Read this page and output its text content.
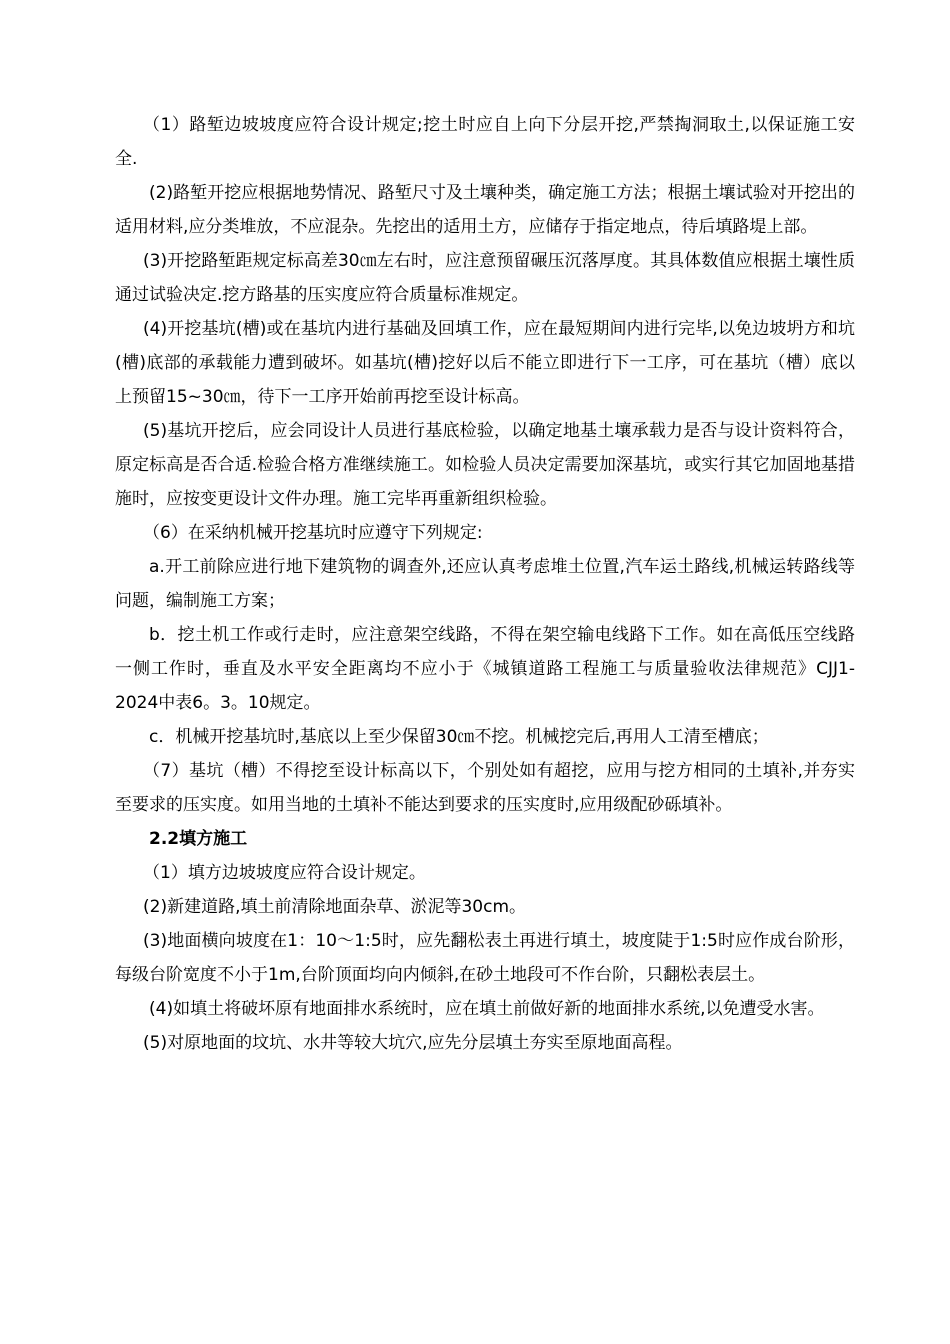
（1）路堑边坡坡度应符合设计规定;挖土时应自上向下分层开挖,严禁掏洞取土,以保证施工安全.

(2)路堑开挖应根据地势情况、路堑尺寸及土壤种类，确定施工方法；根据土壤试验对开挖出的适用材料,应分类堆放，不应混杂。先挖出的适用土方，应储存于指定地点，待后填路堤上部。

(3)开挖路堑距规定标高差30㎝左右时，应注意预留碾压沉落厚度。其具体数值应根据土壤性质通过试验决定.挖方路基的压实度应符合质量标准规定。

(4)开挖基坑(槽)或在基坑内进行基础及回填工作，应在最短期间内进行完毕,以免边坡坍方和坑(槽)底部的承载能力遭到破坏。如基坑(槽)挖好以后不能立即进行下一工序，可在基坑（槽）底以上预留15~30㎝，待下一工序开始前再挖至设计标高。

(5)基坑开挖后，应会同设计人员进行基底检验，以确定地基土壤承载力是否与设计资料符合，原定标高是否合适.检验合格方准继续施工。如检验人员决定需要加深基坑，或实行其它加固地基措施时，应按变更设计文件办理。施工完毕再重新组织检验。

（6）在采纳机械开挖基坑时应遵守下列规定:

a.开工前除应进行地下建筑物的调查外,还应认真考虑堆土位置,汽车运土路线,机械运转路线等问题，编制施工方案；

b．挖土机工作或行走时，应注意架空线路，不得在架空输电线路下工作。如在高低压空线路一侧工作时，垂直及水平安全距离均不应小于《城镇道路工程施工与质量验收法律规范》CJJ1-2024中表6。3。10规定。

c．机械开挖基坑时,基底以上至少保留30㎝不挖。机械挖完后,再用人工清至槽底；

（7）基坑（槽）不得挖至设计标高以下，个别处如有超挖，应用与挖方相同的土填补,并夯实至要求的压实度。如用当地的土填补不能达到要求的压实度时,应用级配砂砾填补。

2.2填方施工

（1）填方边坡坡度应符合设计规定。

(2)新建道路,填土前清除地面杂草、淤泥等30cm。

(3)地面横向坡度在1：10～1:5时，应先翻松表土再进行填土，坡度陡于1:5时应作成台阶形，每级台阶宽度不小于1m,台阶顶面均向内倾斜,在砂土地段可不作台阶，只翻松表层土。

(4)如填土将破坏原有地面排水系统时，应在填土前做好新的地面排水系统,以免遭受水害。

(5)对原地面的坟坑、水井等较大坑穴,应先分层填土夯实至原地面高程。
